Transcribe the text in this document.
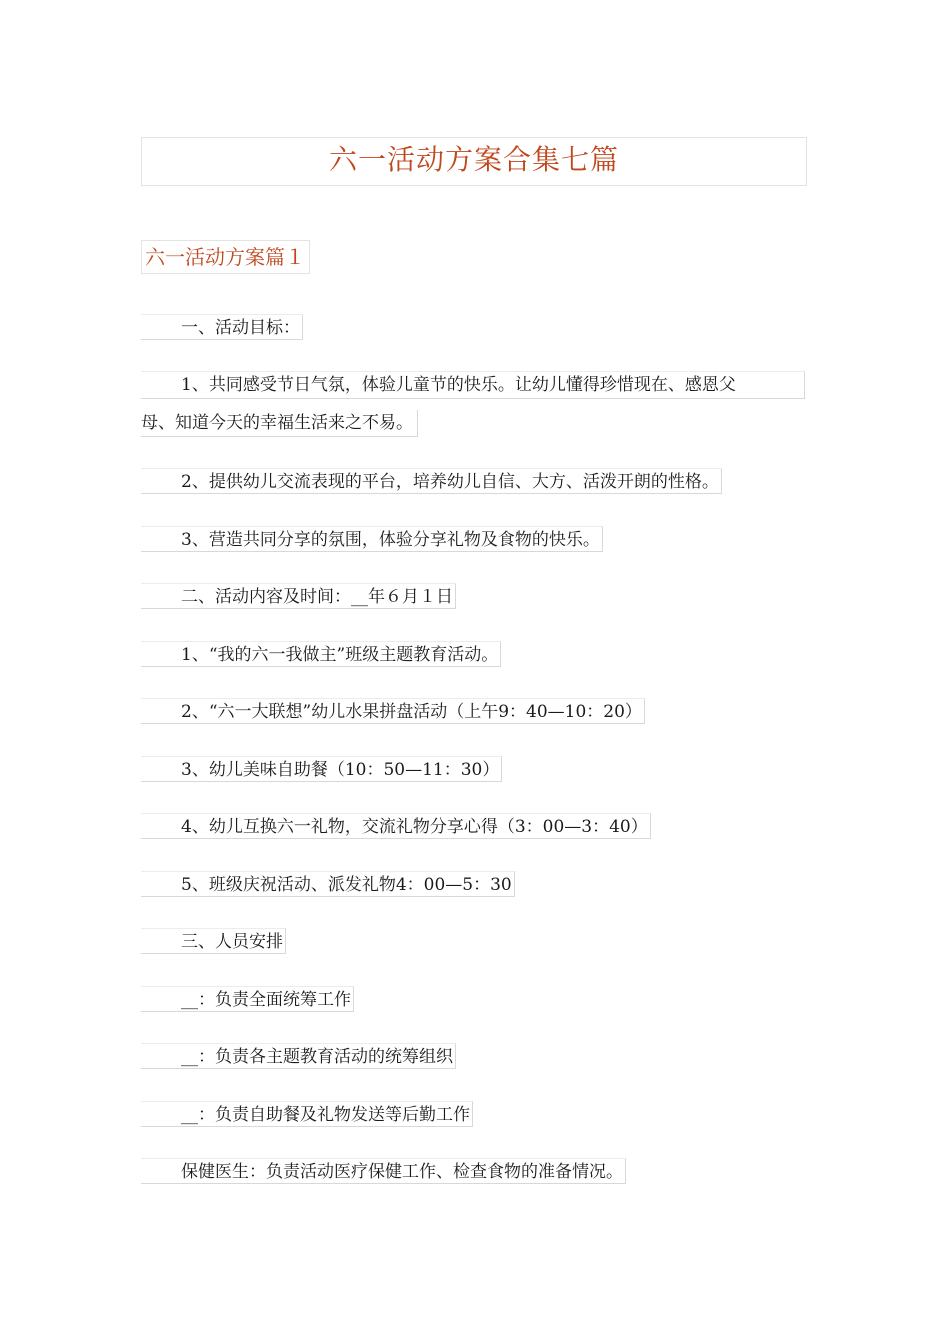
六一活动方案合集七篇
六一活动方案篇１
一、活动目标：
1、共同感受节日气氛，体验儿童节的快乐。让幼儿懂得珍惜现在、感恩父
母、知道今天的幸福生活来之不易。
2、提供幼儿交流表现的平台，培养幼儿自信、大方、活泼开朗的性格。
3、营造共同分享的氛围，体验分享礼物及食物的快乐。
二、活动内容及时间：__年６月１日
1、“我的六一我做主”班级主题教育活动。
2、“六一大联想”幼儿水果拼盘活动（上午9：40—10：20）
3、幼儿美味自助餐（10：50—11：30）
4、幼儿互换六一礼物，交流礼物分享心得（3：00—3：40）
5、班级庆祝活动、派发礼物4：00—5：30
三、人员安排
__：负责全面统筹工作
__：负责各主题教育活动的统筹组织
__：负责自助餐及礼物发送等后勤工作
保健医生：负责活动医疗保健工作、检查食物的准备情况。
